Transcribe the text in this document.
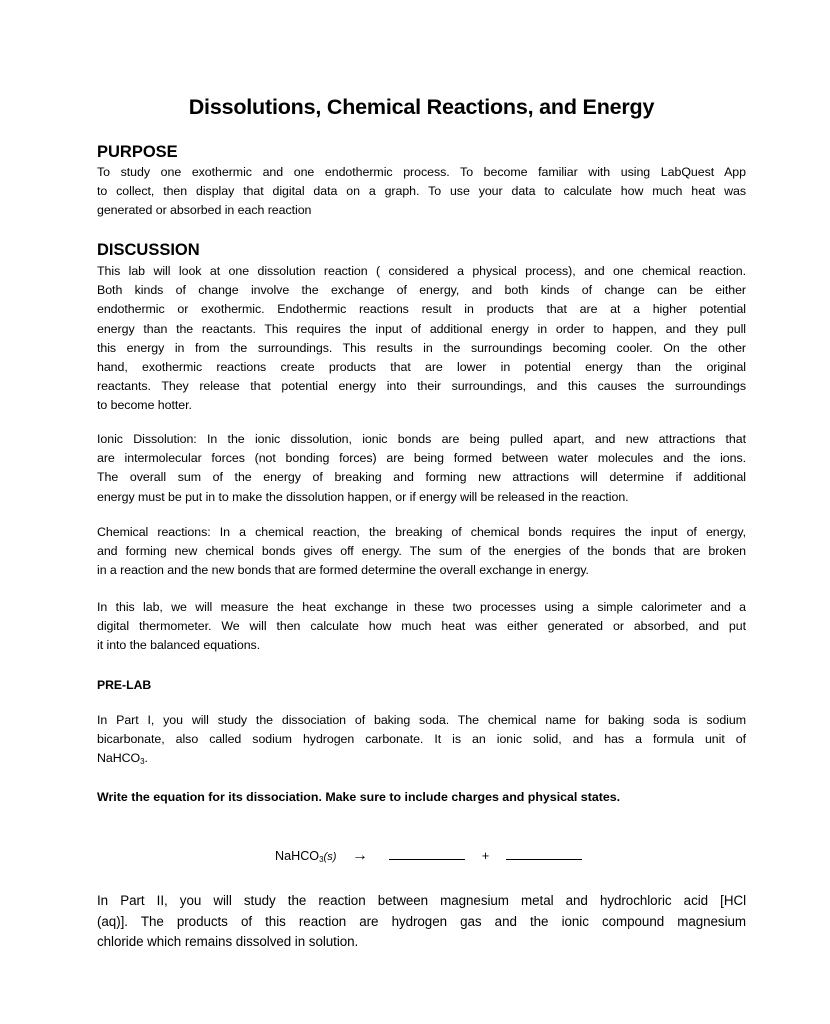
Dissolutions, Chemical Reactions, and Energy
PURPOSE
To study one exothermic and one endothermic process. To become familiar with using LabQuest App
to collect, then display that digital data on a graph. To use your data to calculate how much heat was
generated or absorbed in each reaction
DISCUSSION
This lab will look at one dissolution reaction ( considered a physical process), and one chemical reaction.
Both kinds of change involve the exchange of energy, and both kinds of change can be either
endothermic or exothermic. Endothermic reactions result in products that are at a higher potential
energy than the reactants. This requires the input of additional energy in order to happen, and they pull
this energy in from the surroundings. This results in the surroundings becoming cooler. On the other
hand, exothermic reactions create products that are lower in potential energy than the original
reactants. They release that potential energy into their surroundings, and this causes the surroundings
to become hotter.
Ionic Dissolution: In the ionic dissolution, ionic bonds are being pulled apart, and new attractions that
are intermolecular forces (not bonding forces) are being formed between water molecules and the ions.
The overall sum of the energy of breaking and forming new attractions will determine if additional
energy must be put in to make the dissolution happen, or if energy will be released in the reaction.
Chemical reactions: In a chemical reaction, the breaking of chemical bonds requires the input of energy,
and forming new chemical bonds gives off energy. The sum of the energies of the bonds that are broken
in a reaction and the new bonds that are formed determine the overall exchange in energy.
In this lab, we will measure the heat exchange in these two processes using a simple calorimeter and a
digital thermometer. We will then calculate how much heat was either generated or absorbed, and put
it into the balanced equations.
PRE-LAB
In Part I, you will study the dissociation of baking soda. The chemical name for baking soda is sodium
bicarbonate, also called sodium hydrogen carbonate. It is an ionic solid, and has a formula unit of
NaHCO$_3$.
Write the equation for its dissociation. Make sure to include charges and physical states.
NaHCO$_3$(s) →	+
In Part II, you will study the reaction between magnesium metal and hydrochloric acid [HCl
(aq)]. The products of this reaction are hydrogen gas and the ionic compound magnesium
chloride which remains dissolved in solution.
